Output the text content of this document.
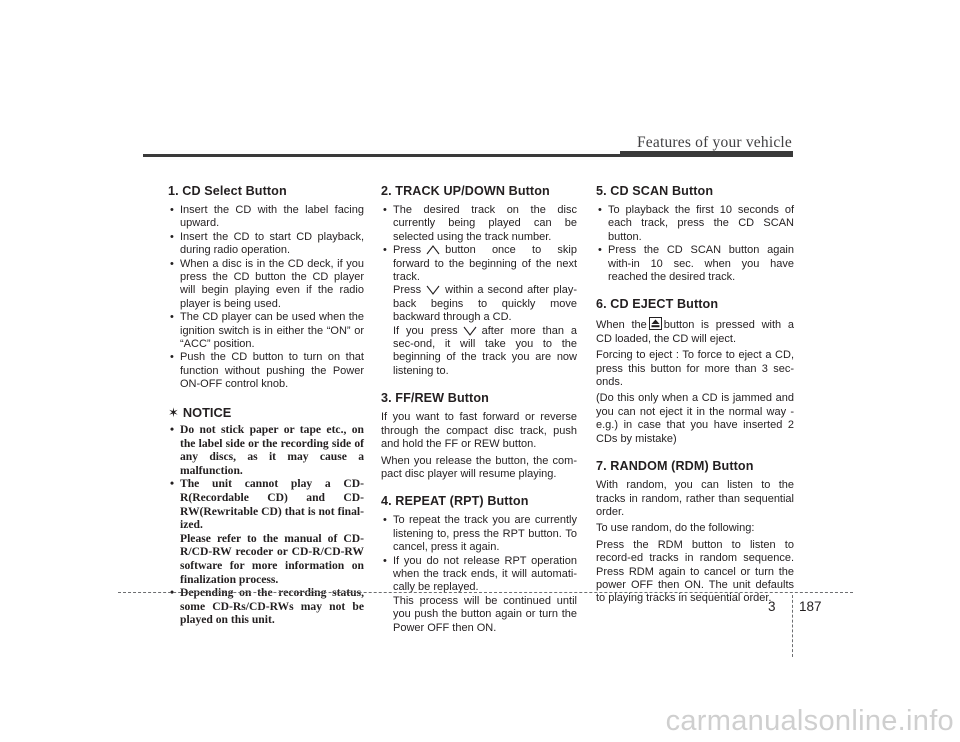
Features of your vehicle
1. CD Select Button
• Insert the CD with the label facing upward.
• Insert the CD to start CD playback, during radio operation.
• When a disc is in the CD deck, if you press the CD button the CD player will begin playing even if the radio player is being used.
• The CD player can be used when the ignition switch is in either the “ON” or “ACC” position.
• Push the CD button to turn on that function without pushing the Power ON-OFF control knob.
✶ NOTICE
• Do not stick paper or tape etc., on the label side or the recording side of any discs, as it may cause a malfunction.
• The unit cannot play a CD-R(Recordable CD) and CD-RW(Rewritable CD) that is not final-ized.
Please refer to the manual of CD-R/CD-RW recoder or CD-R/CD-RW software for more information on finalization process.
• Depending on the recording status, some CD-Rs/CD-RWs may not be played on this unit.
2. TRACK UP/DOWN Button
• The desired track on the disc currently being played can be selected using the track number.
• Press button once to skip forward to the beginning of the next track.
Press within a second after play-back begins to quickly move backward through a CD.
If you press after more than a sec-ond, it will take you to the beginning of the track you are now listening to.
3. FF/REW Button

If you want to fast forward or reverse through the compact disc track, push and hold the FF or REW button.

When you release the button, the com-pact disc player will resume playing.

4. REPEAT (RPT) Button
• To repeat the track you are currently listening to, press the RPT button. To cancel, press it again.
• If you do not release RPT operation when the track ends, it will automati-cally be replayed.
This process will be continued until you push the button again or turn the Power OFF then ON.
5. CD SCAN Button
• To playback the first 10 seconds of each track, press the CD SCAN button.
• Press the CD SCAN button again with-in 10 sec. when you have reached the desired track.
6. CD EJECT Button

When the button is pressed with a CD loaded, the CD will eject.

Forcing to eject : To force to eject a CD, press this button for more than 3 sec-onds.

(Do this only when a CD is jammed and you can not eject it in the normal way - e.g.) in case that you have inserted 2 CDs by mistake)

7. RANDOM (RDM) Button

With random, you can listen to the tracks in random, rather than sequential order.

To use random, do the following:

Press the RDM button to listen to record-ed tracks in random sequence. Press RDM again to cancel or turn the power OFF then ON. The unit defaults to playing tracks in sequential order.

3 187
carmanualsonline.info
